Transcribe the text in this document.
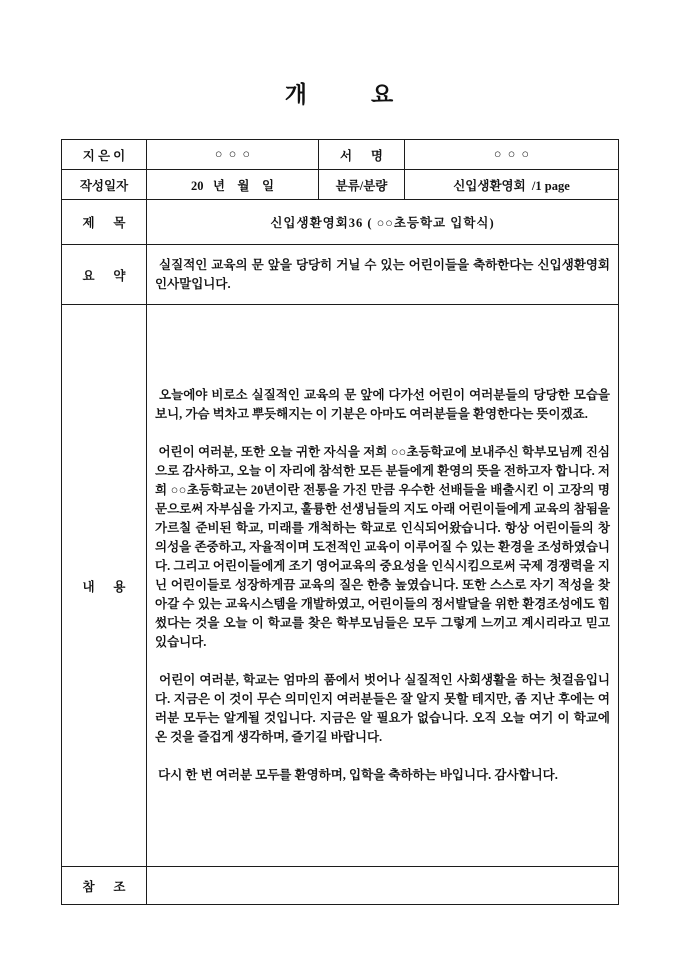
개        요
지 은 이	○  ○  ○	서      명	○  ○  ○
작성일자	20   년    월    일	분류/분량	신입생환영회  /1 page
제      목	신입생환영회36 ( ○○초등학교 입학식)		
요      약	실질적인 교육의 문 앞을 당당히 거닐 수 있는 어린이들을 축하한다는 신입생환영회인사말입니다.		
내      용	오늘에야 비로소 실질적인 교육의 문 앞에 다가선 어린이 여러분들의 당당한 모습을 보니, 가슴 벅차고 뿌듯해지는 이 기분은 아마도 여러분들을 환영한다는 뜻이겠죠.

어린이 여러분, 또한 오늘 귀한 자식을 저희 ○○초등학교에 보내주신 학부모님께 진심으로 감사하고, 오늘 이 자리에 참석한 모든 분들에게 환영의 뜻을 전하고자 합니다. 저희 ○○초등학교는 20년이란 전통을 가진 만큼 우수한 선배들을 배출시킨 이 고장의 명문으로써 자부심을 가지고, 훌륭한 선생님들의 지도 아래 어린이들에게 교육의 참됨을 가르칠 준비된 학교, 미래를 개척하는 학교로 인식되어왔습니다. 항상 어린이들의 창의성을 존중하고, 자율적이며 도전적인 교육이 이루어질 수 있는 환경을 조성하였습니다. 그리고 어린이들에게 조기 영어교육의 중요성을 인식시킴으로써 국제 경쟁력을 지닌 어린이들로 성장하게끔 교육의 질은 한층 높였습니다. 또한 스스로 자기 적성을 찾아갈 수 있는 교육시스템을 개발하였고, 어린이들의 정서발달을 위한 환경조성에도 힘썼다는 것을 오늘 이 학교를 찾은 학부모님들은 모두 그렇게 느끼고 계시리라고 믿고있습니다.

어린이 여러분, 학교는 엄마의 품에서 벗어나 실질적인 사회생활을 하는 첫걸음입니다. 지금은 이 것이 무슨 의미인지 여러분들은 잘 알지 못할 테지만, 좀 지난 후에는 여러분 모두는 알게될 것입니다. 지금은 알 필요가 없습니다. 오직 오늘 여기 이 학교에 온 것을 즐겁게 생각하며, 즐기길 바랍니다.

다시 한 번 여러분 모두를 환영하며, 입학을 축하하는 바입니다. 감사합니다.		

참      조			
